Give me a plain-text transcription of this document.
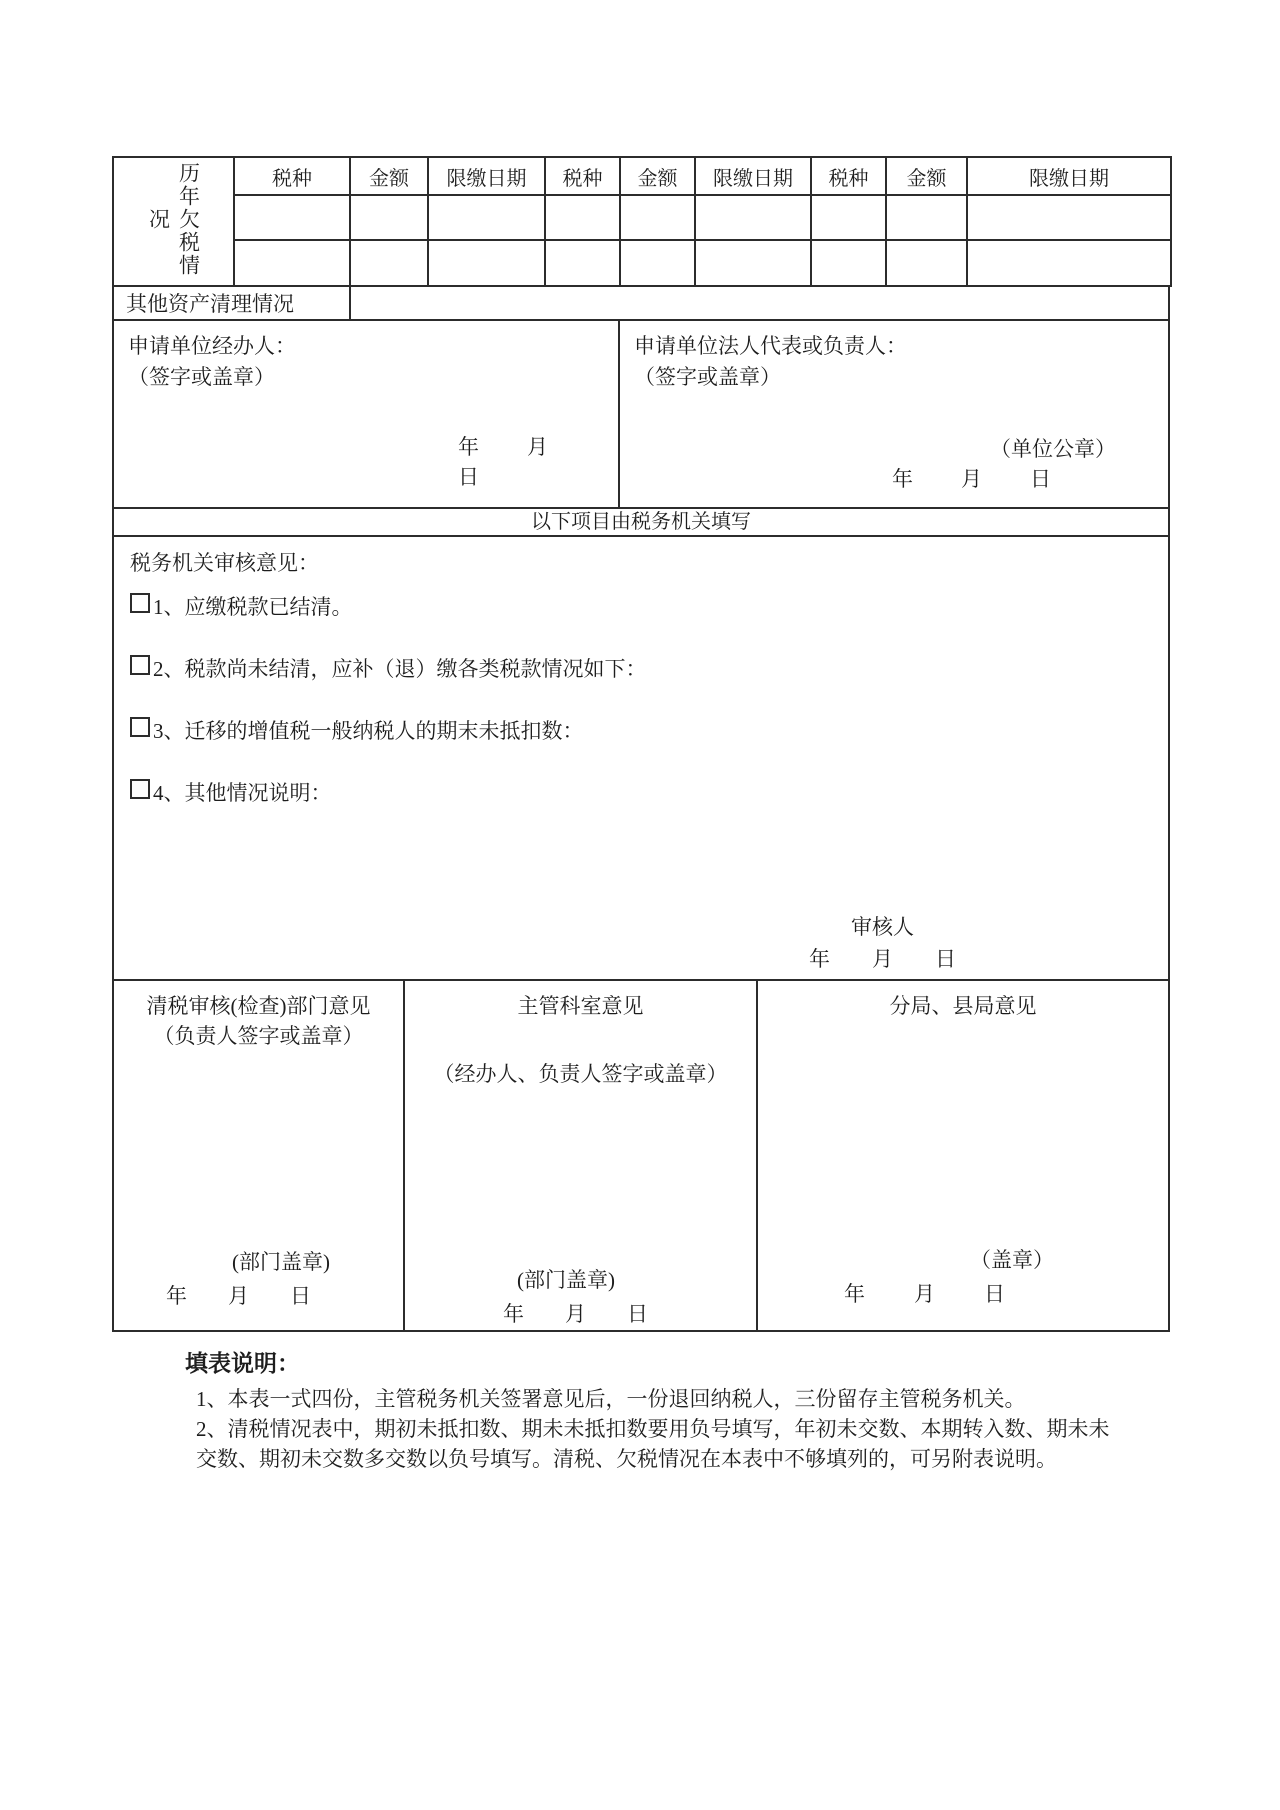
历年欠税情况	税种	金额	限缴日期	税种	金额	限缴日期	税种	金额	限缴日期

其他资产清理情况
申请单位经办人：
（签字或盖章）
年　　月　　日
申请单位法人代表或负责人：
（签字或盖章）
（单位公章）
年　　月　　日
以下项目由税务机关填写
税务机关审核意见：
1、应缴税款已结清。
2、税款尚未结清，应补（退）缴各类税款情况如下：
3、迁移的增值税一般纳税人的期末未抵扣数：
4、其他情况说明：
审核人
年　　月　　日
清税审核(检查)部门意见
（负责人签字或盖章）
(部门盖章)
年　月　日
主管科室意见
（经办人、负责人签字或盖章）
(部门盖章)
年　月　日
分局、县局意见
（盖章）
年　月　日
填表说明：

1、本表一式四份，主管税务机关签署意见后，一份退回纳税人，三份留存主管税务机关。

2、清税情况表中，期初未抵扣数、期未未抵扣数要用负号填写，年初未交数、本期转入数、期未未交数、期初未交数多交数以负号填写。清税、欠税情况在本表中不够填列的，可另附表说明。
